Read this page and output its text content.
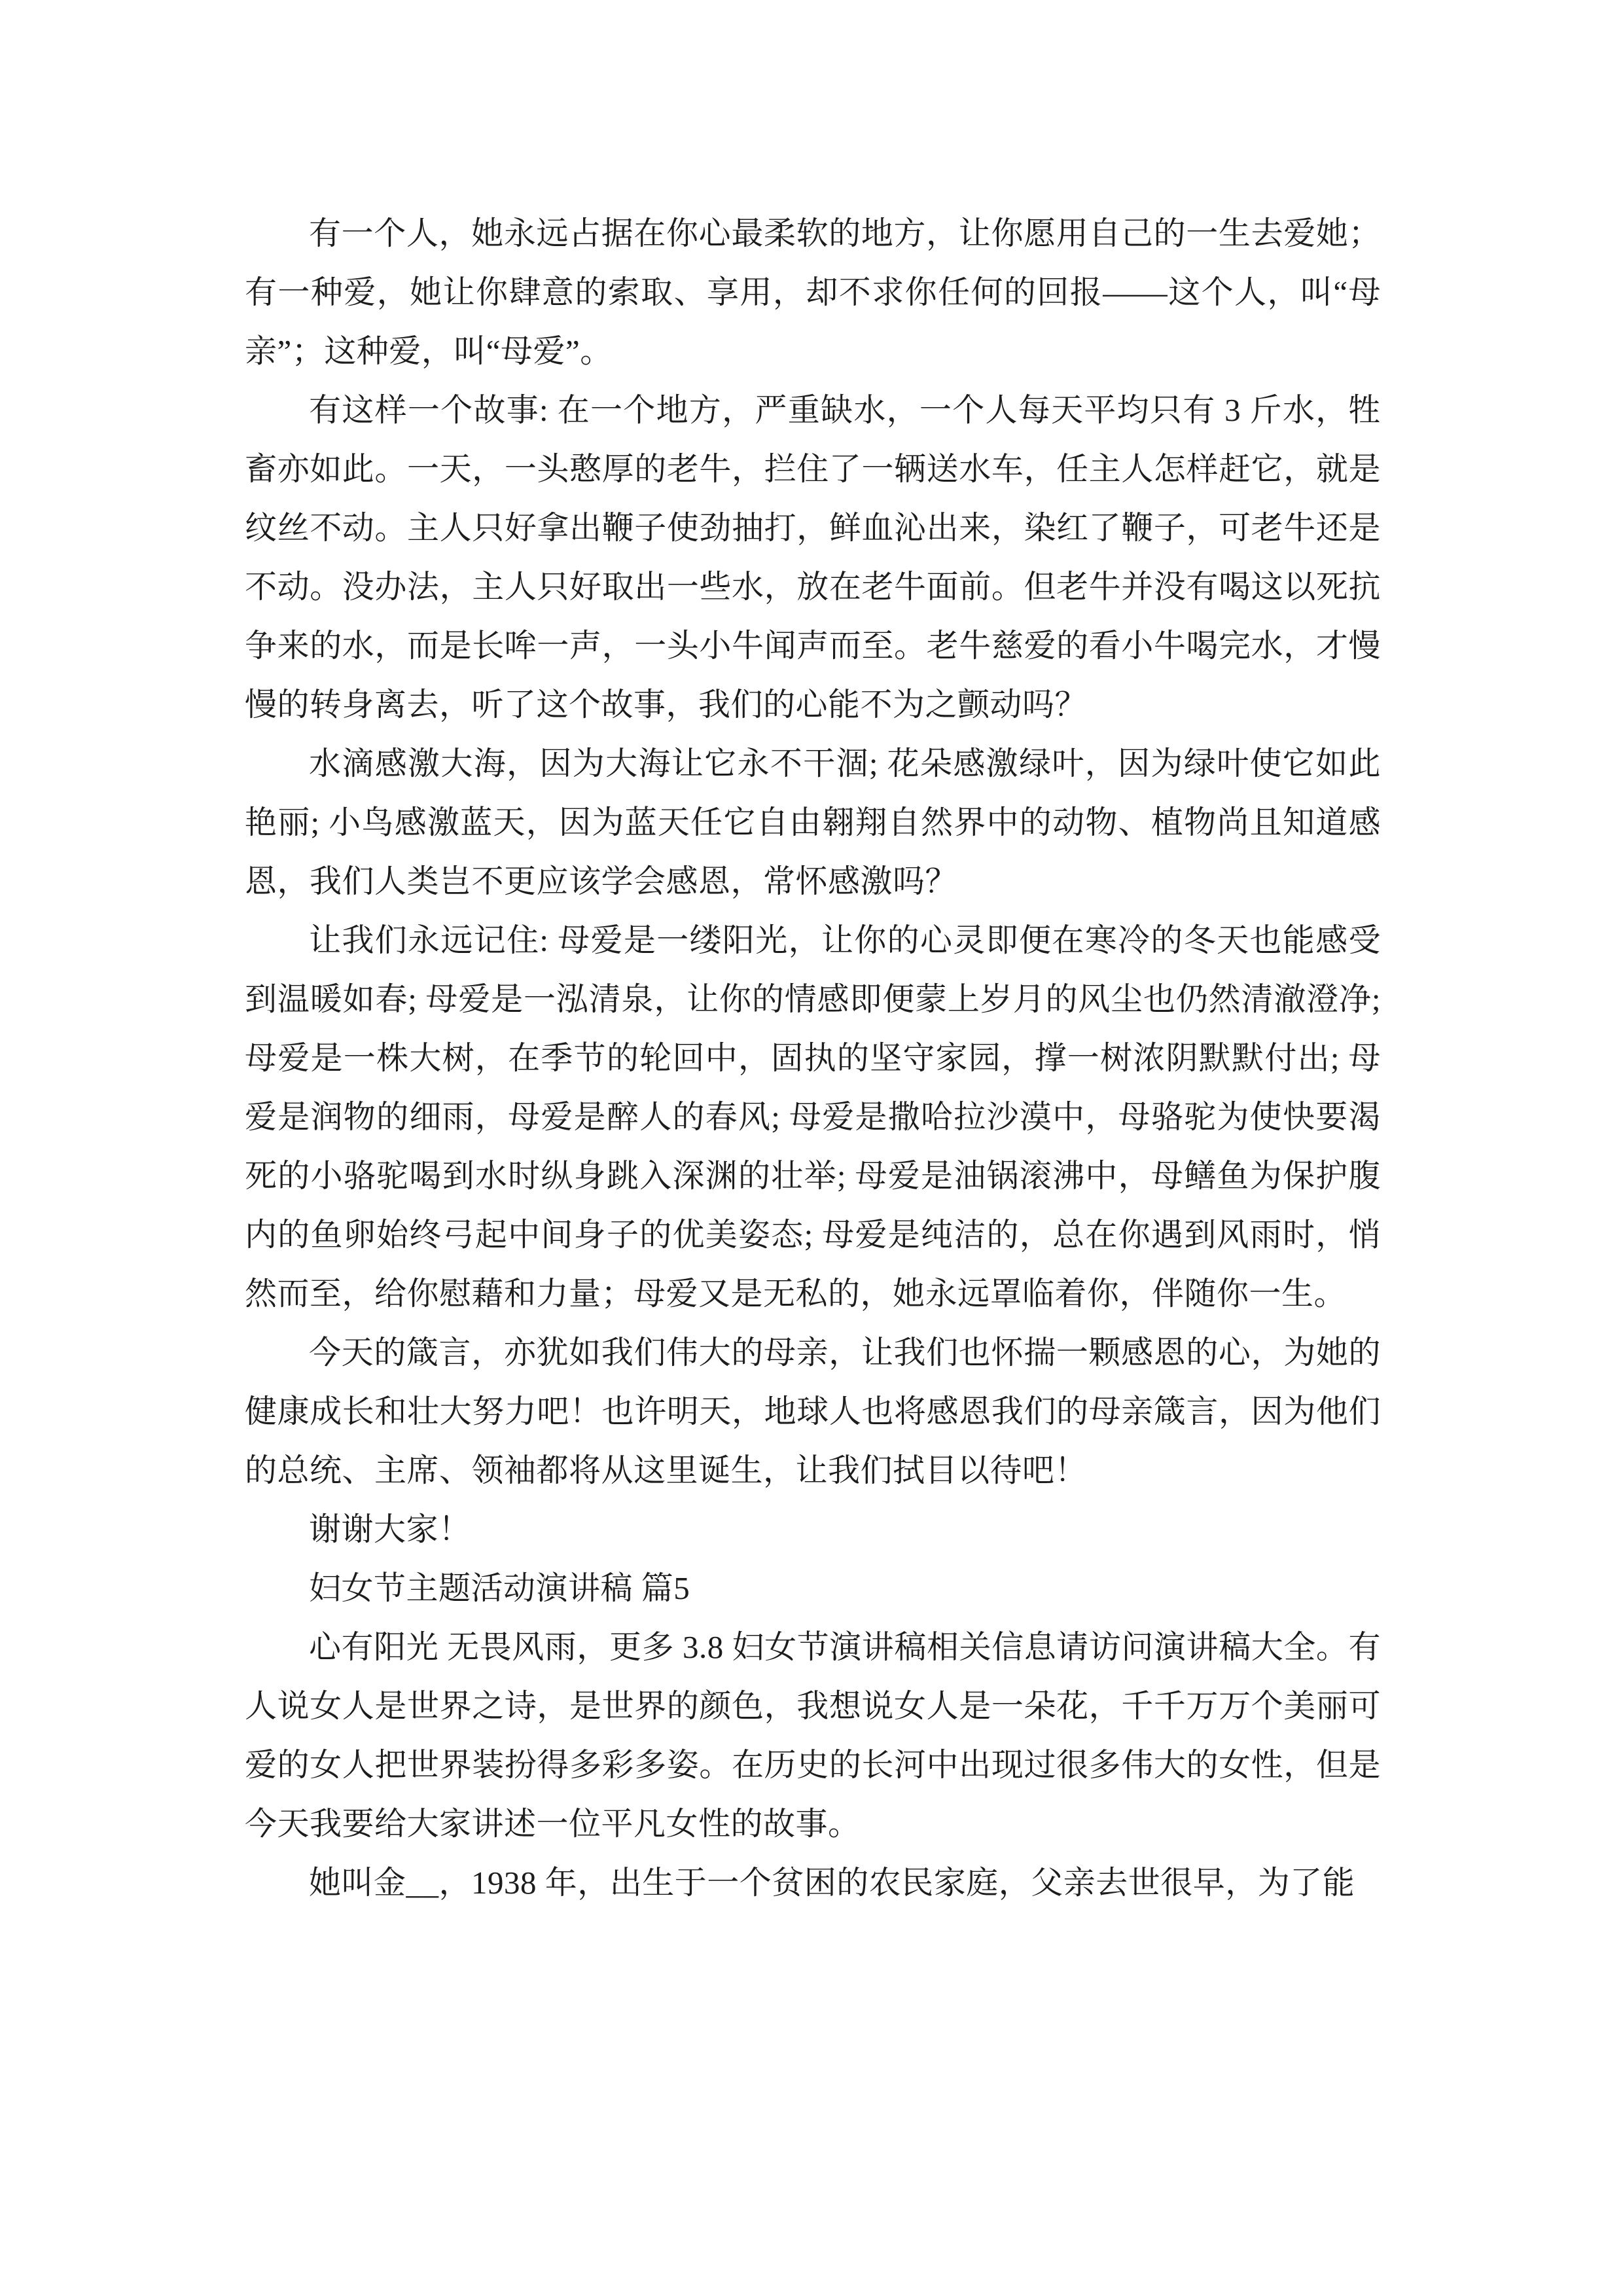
有一个人，她永远占据在你心最柔软的地方，让你愿用自己的一生去爱她；有一种爱，她让你肆意的索取、享用，却不求你任何的回报——这个人，叫“母亲”；这种爱，叫“母爱”。

有这样一个故事: 在一个地方，严重缺水，一个人每天平均只有 3 斤水，牲畜亦如此。一天，一头憨厚的老牛，拦住了一辆送水车，任主人怎样赶它，就是纹丝不动。主人只好拿出鞭子使劲抽打，鲜血沁出来，染红了鞭子，可老牛还是不动。没办法，主人只好取出一些水，放在老牛面前。但老牛并没有喝这以死抗争来的水，而是长哞一声，一头小牛闻声而至。老牛慈爱的看小牛喝完水，才慢慢的转身离去，听了这个故事，我们的心能不为之颤动吗？

水滴感激大海，因为大海让它永不干涸; 花朵感激绿叶，因为绿叶使它如此艳丽; 小鸟感激蓝天，因为蓝天任它自由翱翔自然界中的动物、植物尚且知道感恩，我们人类岂不更应该学会感恩，常怀感激吗？

让我们永远记住: 母爱是一缕阳光，让你的心灵即便在寒冷的冬天也能感受到温暖如春; 母爱是一泓清泉，让你的情感即便蒙上岁月的风尘也仍然清澈澄净; 母爱是一株大树，在季节的轮回中，固执的坚守家园，撑一树浓阴默默付出; 母爱是润物的细雨，母爱是醉人的春风; 母爱是撒哈拉沙漠中，母骆驼为使快要渴死的小骆驼喝到水时纵身跳入深渊的壮举; 母爱是油锅滚沸中，母鳝鱼为保护腹内的鱼卵始终弓起中间身子的优美姿态; 母爱是纯洁的，总在你遇到风雨时，悄然而至，给你慰藉和力量；母爱又是无私的，她永远罩临着你，伴随你一生。

今天的箴言，亦犹如我们伟大的母亲，让我们也怀揣一颗感恩的心，为她的健康成长和壮大努力吧！也许明天，地球人也将感恩我们的母亲箴言，因为他们的总统、主席、领袖都将从这里诞生，让我们拭目以待吧！

谢谢大家！

妇女节主题活动演讲稿 篇5

心有阳光 无畏风雨，更多 3.8 妇女节演讲稿相关信息请访问演讲稿大全。有人说女人是世界之诗，是世界的颜色，我想说女人是一朵花，千千万万个美丽可爱的女人把世界装扮得多彩多姿。在历史的长河中出现过很多伟大的女性，但是今天我要给大家讲述一位平凡女性的故事。

她叫金__，1938 年，出生于一个贫困的农民家庭，父亲去世很早，为了能
